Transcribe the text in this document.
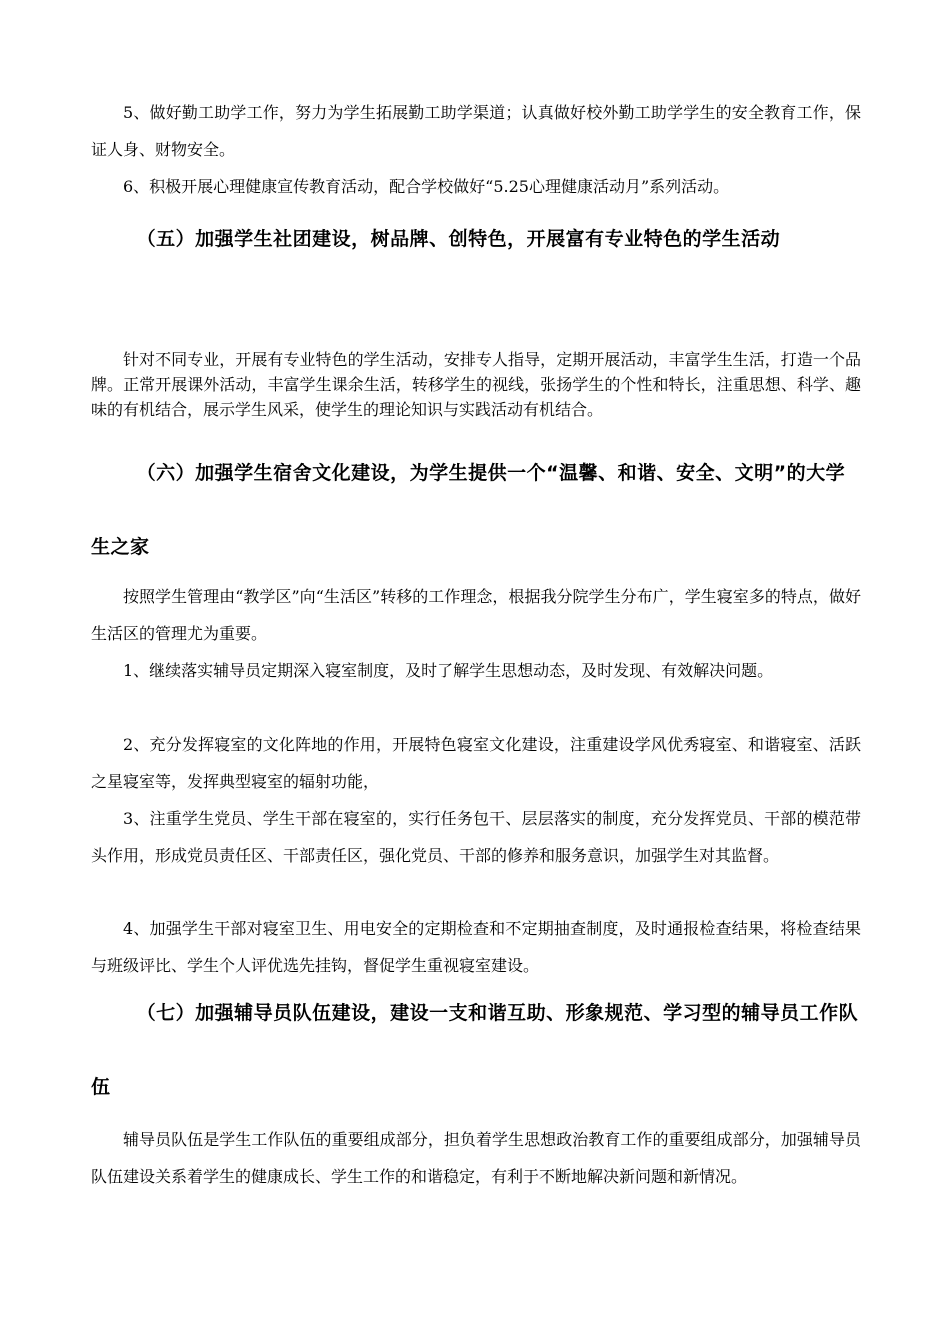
5、做好勤工助学工作，努力为学生拓展勤工助学渠道；认真做好校外勤工助学学生的安全教育工作，保证人身、财物安全。

6、积极开展心理健康宣传教育活动，配合学校做好“5.25心理健康活动月”系列活动。

（五）加强学生社团建设，树品牌、创特色，开展富有专业特色的学生活动

针对不同专业，开展有专业特色的学生活动，安排专人指导，定期开展活动，丰富学生生活，打造一个品牌。正常开展课外活动，丰富学生课余生活，转移学生的视线，张扬学生的个性和特长，注重思想、科学、趣味的有机结合，展示学生风采，使学生的理论知识与实践活动有机结合。

（六）加强学生宿舍文化建设，为学生提供一个“温馨、和谐、安全、文明”的大学生之家

按照学生管理由“教学区”向“生活区”转移的工作理念，根据我分院学生分布广，学生寝室多的特点，做好生活区的管理尤为重要。

1、继续落实辅导员定期深入寝室制度，及时了解学生思想动态，及时发现、有效解决问题。

2、充分发挥寝室的文化阵地的作用，开展特色寝室文化建设，注重建设学风优秀寝室、和谐寝室、活跃之星寝室等，发挥典型寝室的辐射功能，

3、注重学生党员、学生干部在寝室的，实行任务包干、层层落实的制度，充分发挥党员、干部的模范带头作用，形成党员责任区、干部责任区，强化党员、干部的修养和服务意识，加强学生对其监督。

4、加强学生干部对寝室卫生、用电安全的定期检查和不定期抽查制度，及时通报检查结果，将检查结果与班级评比、学生个人评优选先挂钩，督促学生重视寝室建设。

（七）加强辅导员队伍建设，建设一支和谐互助、形象规范、学习型的辅导员工作队伍

辅导员队伍是学生工作队伍的重要组成部分，担负着学生思想政治教育工作的重要组成部分，加强辅导员队伍建设关系着学生的健康成长、学生工作的和谐稳定，有利于不断地解决新问题和新情况。
